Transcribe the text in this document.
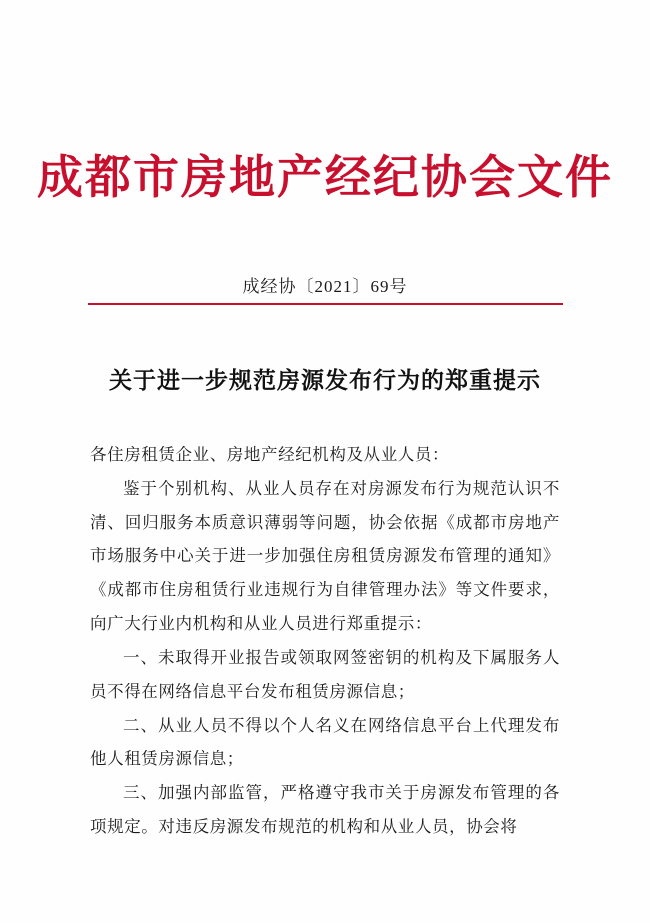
成都市房地产经纪协会文件
成经协〔2021〕69号
关于进一步规范房源发布行为的郑重提示

各住房租赁企业、房地产经纪机构及从业人员：

鉴于个别机构、从业人员存在对房源发布行为规范认识不清、回归服务本质意识薄弱等问题，协会依据《成都市房地产市场服务中心关于进一步加强住房租赁房源发布管理的通知》《成都市住房租赁行业违规行为自律管理办法》等文件要求，向广大行业内机构和从业人员进行郑重提示：

一、未取得开业报告或领取网签密钥的机构及下属服务人员不得在网络信息平台发布租赁房源信息；

二、从业人员不得以个人名义在网络信息平台上代理发布他人租赁房源信息；

三、加强内部监管，严格遵守我市关于房源发布管理的各项规定。对违反房源发布规范的机构和从业人员，协会将
